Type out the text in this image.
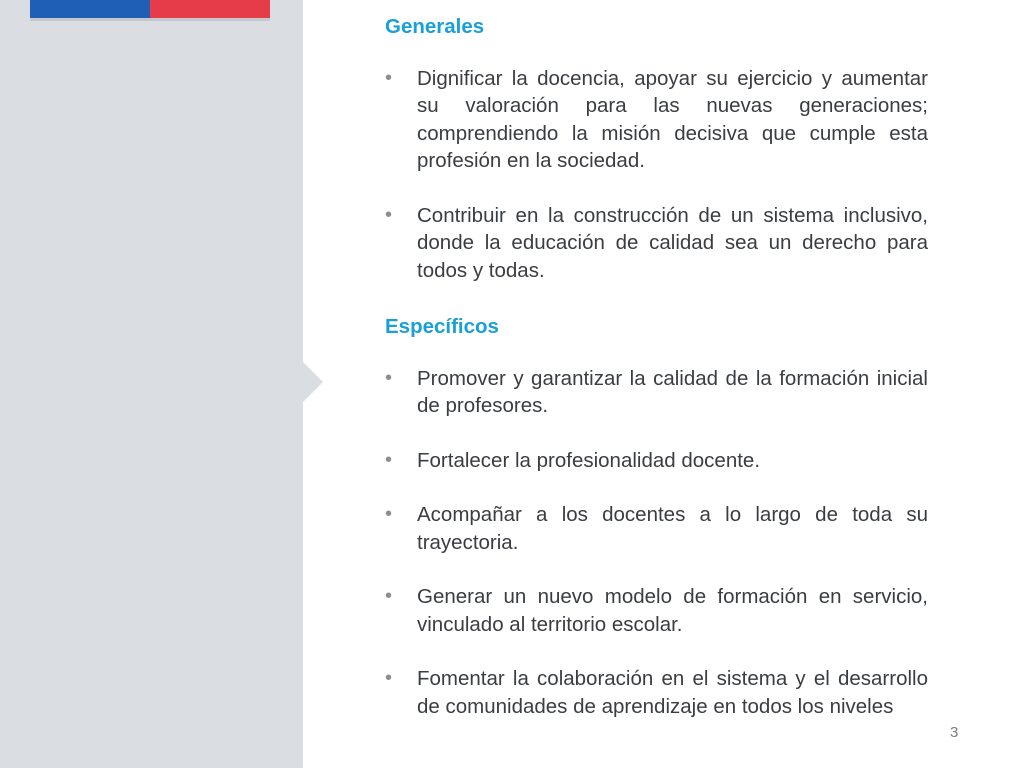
Generales
• Dignificar la docencia, apoyar su ejercicio y aumentar su valoración para las nuevas generaciones; comprendiendo la misión decisiva que cumple esta profesión en la sociedad.
• Contribuir en la construcción de un sistema inclusivo, donde la educación de calidad sea un derecho para todos y todas.
Específicos
• Promover y garantizar la calidad de la formación inicial de profesores.
• Fortalecer la profesionalidad docente.
• Acompañar a los docentes a lo largo de toda su trayectoria.
• Generar un nuevo modelo de formación en servicio, vinculado al territorio escolar.
• Fomentar la colaboración en el sistema y el desarrollo de comunidades de aprendizaje en todos los niveles
3
